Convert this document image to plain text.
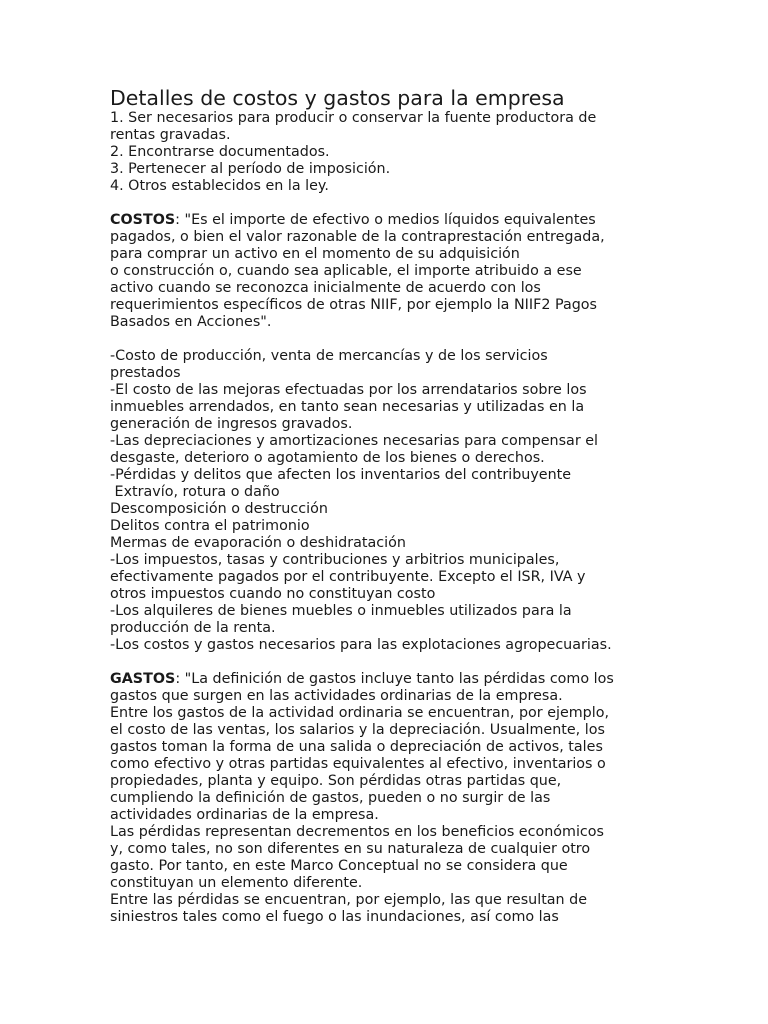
Detalles de costos y gastos para la empresa

1. Ser necesarios para producir o conservar la fuente productora de

rentas gravadas.

2. Encontrarse documentados.

3. Pertenecer al período de imposición.

4. Otros establecidos en la ley.

COSTOS: "Es el importe de efectivo o medios líquidos equivalentes

pagados, o bien el valor razonable de la contraprestación entregada,

para comprar un activo en el momento de su adquisición

o construcción o, cuando sea aplicable, el importe atribuido a ese

activo cuando se reconozca inicialmente de acuerdo con los

requerimientos específicos de otras NIIF, por ejemplo la NIIF2 Pagos

Basados en Acciones".

-Costo de producción, venta de mercancías y de los servicios

prestados

-El costo de las mejoras efectuadas por los arrendatarios sobre los

inmuebles arrendados, en tanto sean necesarias y utilizadas en la

generación de ingresos gravados.

-Las depreciaciones y amortizaciones necesarias para compensar el

desgaste, deterioro o agotamiento de los bienes o derechos.

-Pérdidas y delitos que afecten los inventarios del contribuyente

Extravío, rotura o daño

Descomposición o destrucción

Delitos contra el patrimonio

Mermas de evaporación o deshidratación

-Los impuestos, tasas y contribuciones y arbitrios municipales,

efectivamente pagados por el contribuyente. Excepto el ISR, IVA y

otros impuestos cuando no constituyan costo

-Los alquileres de bienes muebles o inmuebles utilizados para la

producción de la renta.

-Los costos y gastos necesarios para las explotaciones agropecuarias.

GASTOS: "La definición de gastos incluye tanto las pérdidas como los

gastos que surgen en las actividades ordinarias de la empresa.

Entre los gastos de la actividad ordinaria se encuentran, por ejemplo,

el costo de las ventas, los salarios y la depreciación. Usualmente, los

gastos toman la forma de una salida o depreciación de activos, tales

como efectivo y otras partidas equivalentes al efectivo, inventarios o

propiedades, planta y equipo. Son pérdidas otras partidas que,

cumpliendo la definición de gastos, pueden o no surgir de las

actividades ordinarias de la empresa.

Las pérdidas representan decrementos en los beneficios económicos

y, como tales, no son diferentes en su naturaleza de cualquier otro

gasto. Por tanto, en este Marco Conceptual no se considera que

constituyan un elemento diferente.

Entre las pérdidas se encuentran, por ejemplo, las que resultan de

siniestros tales como el fuego o las inundaciones, así como las
